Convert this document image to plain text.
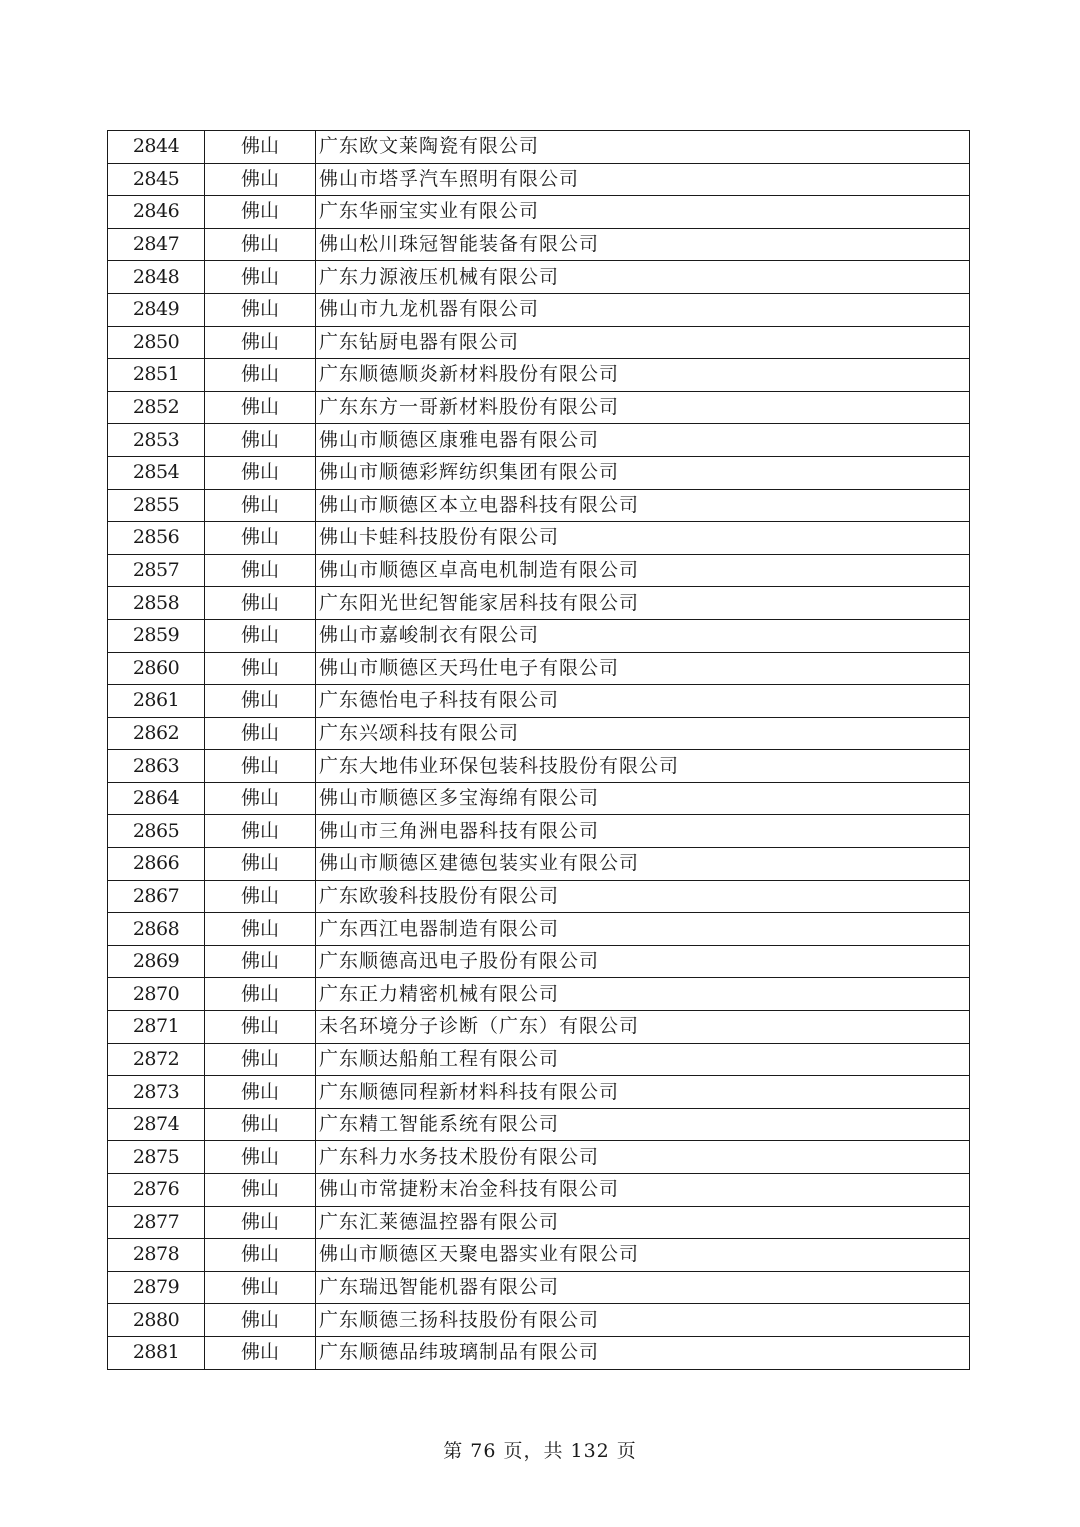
2844	佛山	广东欧文莱陶瓷有限公司
2845	佛山	佛山市塔孚汽车照明有限公司
2846	佛山	广东华丽宝实业有限公司
2847	佛山	佛山松川珠冠智能装备有限公司
2848	佛山	广东力源液压机械有限公司
2849	佛山	佛山市九龙机器有限公司
2850	佛山	广东钻厨电器有限公司
2851	佛山	广东顺德顺炎新材料股份有限公司
2852	佛山	广东东方一哥新材料股份有限公司
2853	佛山	佛山市顺德区康雅电器有限公司
2854	佛山	佛山市顺德彩辉纺织集团有限公司
2855	佛山	佛山市顺德区本立电器科技有限公司
2856	佛山	佛山卡蛙科技股份有限公司
2857	佛山	佛山市顺德区卓高电机制造有限公司
2858	佛山	广东阳光世纪智能家居科技有限公司
2859	佛山	佛山市嘉峻制衣有限公司
2860	佛山	佛山市顺德区天玛仕电子有限公司
2861	佛山	广东德怡电子科技有限公司
2862	佛山	广东兴颂科技有限公司
2863	佛山	广东大地伟业环保包装科技股份有限公司
2864	佛山	佛山市顺德区多宝海绵有限公司
2865	佛山	佛山市三角洲电器科技有限公司
2866	佛山	佛山市顺德区建德包装实业有限公司
2867	佛山	广东欧骏科技股份有限公司
2868	佛山	广东西江电器制造有限公司
2869	佛山	广东顺德高迅电子股份有限公司
2870	佛山	广东正力精密机械有限公司
2871	佛山	未名环境分子诊断（广东）有限公司
2872	佛山	广东顺达船舶工程有限公司
2873	佛山	广东顺德同程新材料科技有限公司
2874	佛山	广东精工智能系统有限公司
2875	佛山	广东科力水务技术股份有限公司
2876	佛山	佛山市常捷粉末冶金科技有限公司
2877	佛山	广东汇莱德温控器有限公司
2878	佛山	佛山市顺德区天聚电器实业有限公司
2879	佛山	广东瑞迅智能机器有限公司
2880	佛山	广东顺德三扬科技股份有限公司
2881	佛山	广东顺德品纬玻璃制品有限公司
第 76 页，共 132 页
